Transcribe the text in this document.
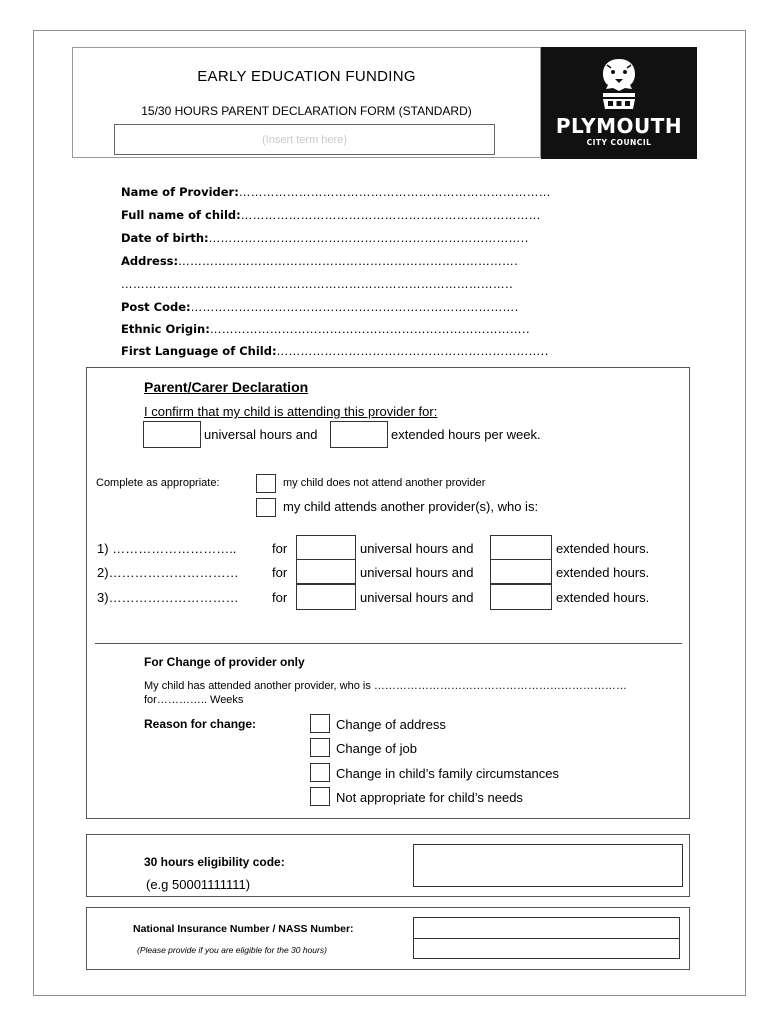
EARLY EDUCATION FUNDING
15/30 HOURS PARENT DECLARATION FORM (STANDARD)
(Insert term here)
PLYMOUTH
CITY COUNCIL
Name of Provider:……………………………………………………………………
Full name of child:…………………………………………………………………
Date of birth:……………………………………………………………………..
Address:………………………………………………………………………….
……………………………………………………………………………………..
Post Code:……………………………………………………………………….
Ethnic Origin:……………………………………………………………………..
First Language of Child:…………………………………………………………..
Parent/Carer Declaration
I confirm that my child is attending this provider for:
universal hours and	extended hours per week.
Complete as appropriate:	my child does not attend another provider
my child attends another provider(s), who is:
1) ………………………..	for	universal hours and	extended hours.
2)…………………………	for	universal hours and	extended hours.
3)…………………………	for	universal hours and	extended hours.
For Change of provider only
My child has attended another provider, who is ……………………………………………………………
for………….. Weeks
Reason for change:	Change of address
Change of job
Change in child’s family circumstances
Not appropriate for child’s needs
30 hours eligibility code:
(e.g 50001111111)
National Insurance Number / NASS Number:
(Please provide if you are eligible for the 30 hours)
